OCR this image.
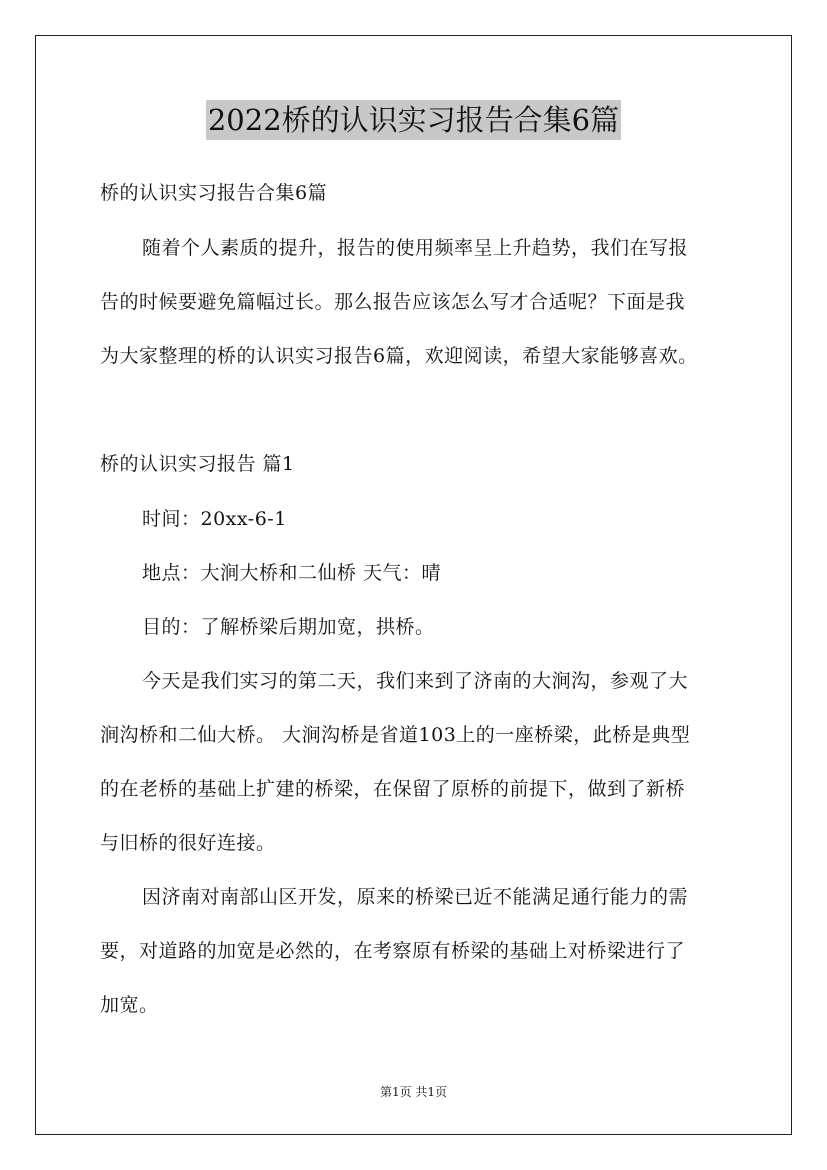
2022桥的认识实习报告合集6篇
桥的认识实习报告合集6篇
随着个人素质的提升，报告的使用频率呈上升趋势，我们在写报
告的时候要避免篇幅过长。那么报告应该怎么写才合适呢？下面是我
为大家整理的桥的认识实习报告6篇，欢迎阅读，希望大家能够喜欢。
桥的认识实习报告 篇1
时间：20xx-6-1
地点：大涧大桥和二仙桥 天气：晴
目的：了解桥梁后期加宽，拱桥。
今天是我们实习的第二天，我们来到了济南的大涧沟，参观了大
涧沟桥和二仙大桥。 大涧沟桥是省道103上的一座桥梁，此桥是典型
的在老桥的基础上扩建的桥梁，在保留了原桥的前提下，做到了新桥
与旧桥的很好连接。
因济南对南部山区开发，原来的桥梁已近不能满足通行能力的需
要，对道路的加宽是必然的，在考察原有桥梁的基础上对桥梁进行了
加宽。
第1页 共1页
